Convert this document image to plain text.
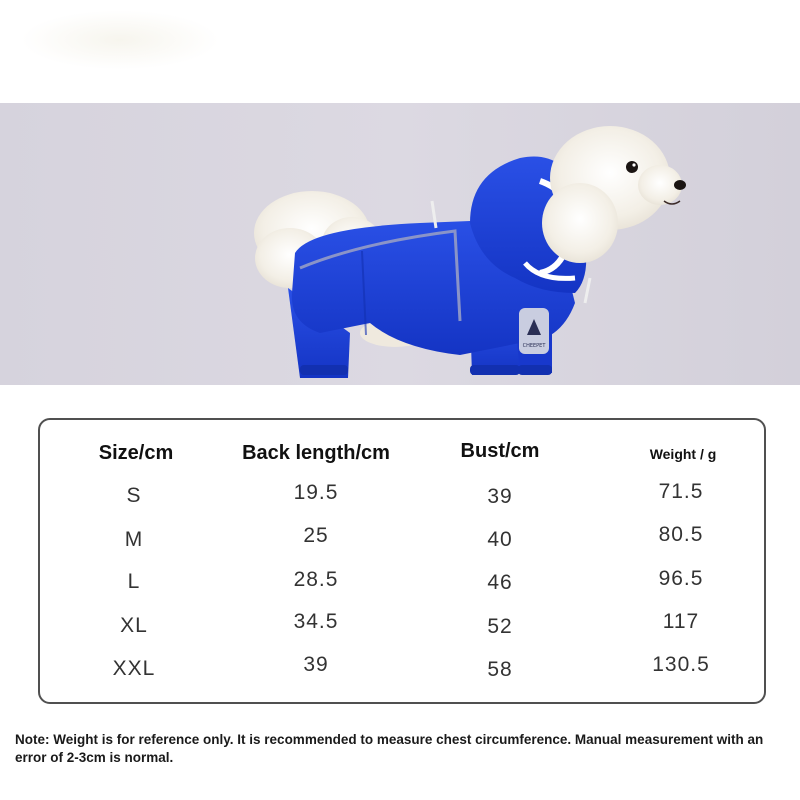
CHEEPET
Size/cm	Back length/cm	Bust/cm	Weight / g
S	19.5	39	71.5
M	25	40	80.5
L	28.5	46	96.5
XL	34.5	52	117
XXL	39	58	130.5
Note: Weight is for reference only. It is recommended to measure chest circumference. Manual measurement with an error of 2-3cm is normal.
